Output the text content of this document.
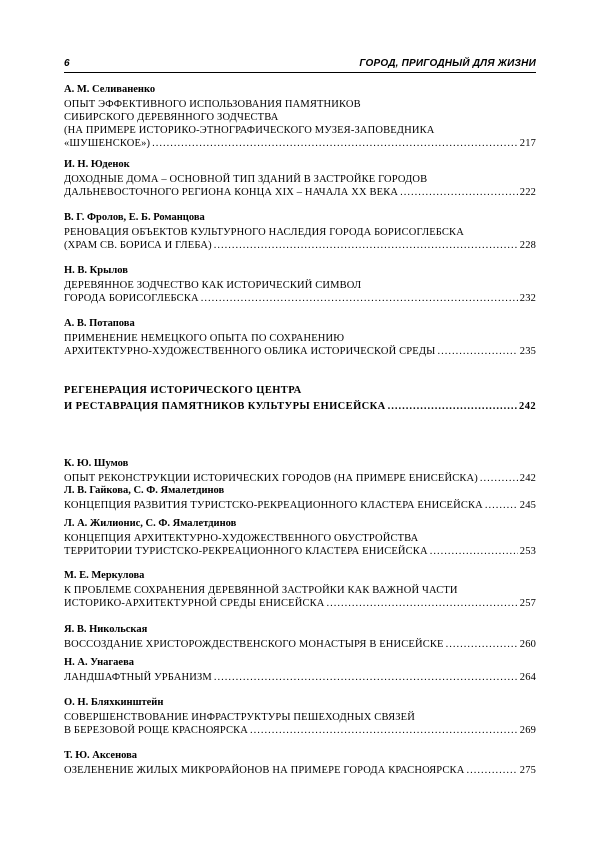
6	ГОРОД, ПРИГОДНЫЙ ДЛЯ ЖИЗНИ
А. М. Селиваненко
ОПЫТ ЭФФЕКТИВНОГО ИСПОЛЬЗОВАНИЯ ПАМЯТНИКОВ
СИБИРСКОГО ДЕРЕВЯННОГО ЗОДЧЕСТВА
(НА ПРИМЕРЕ ИСТОРИКО-ЭТНОГРАФИЧЕСКОГО МУЗЕЯ-ЗАПОВЕДНИКА
«ШУШЕНСКОЕ») .....	217
И. Н. Юденок
ДОХОДНЫЕ ДОМА – ОСНОВНОЙ ТИП ЗДАНИЙ В ЗАСТРОЙКЕ ГОРОДОВ
ДАЛЬНЕВОСТОЧНОГО РЕГИОНА КОНЦА XIX – НАЧАЛА XX ВЕКА .....	222
В. Г. Фролов, Е. Б. Романцова
РЕНОВАЦИЯ ОБЪЕКТОВ КУЛЬТУРНОГО НАСЛЕДИЯ ГОРОДА БОРИСОГЛЕБСКА
(ХРАМ СВ. БОРИСА И ГЛЕБА) .....	228
Н. В. Крылов
ДЕРЕВЯННОЕ ЗОДЧЕСТВО КАК ИСТОРИЧЕСКИЙ СИМВОЛ
ГОРОДА БОРИСОГЛЕБСКА .....	232
А. В. Потапова
ПРИМЕНЕНИЕ НЕМЕЦКОГО ОПЫТА ПО СОХРАНЕНИЮ
АРХИТЕКТУРНО-ХУДОЖЕСТВЕННОГО ОБЛИКА ИСТОРИЧЕСКОЙ СРЕДЫ .....	235
РЕГЕНЕРАЦИЯ ИСТОРИЧЕСКОГО ЦЕНТРА
И РЕСТАВРАЦИЯ ПАМЯТНИКОВ КУЛЬТУРЫ ЕНИСЕЙСКА .....	242
К. Ю. Шумов
ОПЫТ РЕКОНСТРУКЦИИ ИСТОРИЧЕСКИХ ГОРОДОВ (НА ПРИМЕРЕ ЕНИСЕЙСКА) .....	242
Л. В. Гайкова, С. Ф. Ямалетдинов
КОНЦЕПЦИЯ РАЗВИТИЯ ТУРИСТСКО-РЕКРЕАЦИОННОГО КЛАСТЕРА ЕНИСЕЙСКА .....	245
Л. А. Жилионис, С. Ф. Ямалетдинов
КОНЦЕПЦИЯ АРХИТЕКТУРНО-ХУДОЖЕСТВЕННОГО ОБУСТРОЙСТВА
ТЕРРИТОРИИ ТУРИСТСКО-РЕКРЕАЦИОННОГО КЛАСТЕРА ЕНИСЕЙСКА .....	253
М. Е. Меркулова
К ПРОБЛЕМЕ СОХРАНЕНИЯ ДЕРЕВЯННОЙ ЗАСТРОЙКИ КАК ВАЖНОЙ ЧАСТИ
ИСТОРИКО-АРХИТЕКТУРНОЙ СРЕДЫ ЕНИСЕЙСКА .....	257
Я. В. Никольская
ВОССОЗДАНИЕ ХРИСТОРОЖДЕСТВЕНСКОГО МОНАСТЫРЯ В ЕНИСЕЙСКЕ .....	260
Н. А. Унагаева
ЛАНДШАФТНЫЙ УРБАНИЗМ .....	264
О. Н. Бляхкинштейн
СОВЕРШЕНСТВОВАНИЕ ИНФРАСТРУКТУРЫ ПЕШЕХОДНЫХ СВЯЗЕЙ
В БЕРЕЗОВОЙ РОЩЕ КРАСНОЯРСКА .....	269
Т. Ю. Аксенова
ОЗЕЛЕНЕНИЕ ЖИЛЫХ МИКРОРАЙОНОВ НА ПРИМЕРЕ ГОРОДА КРАСНОЯРСКА .....	275
